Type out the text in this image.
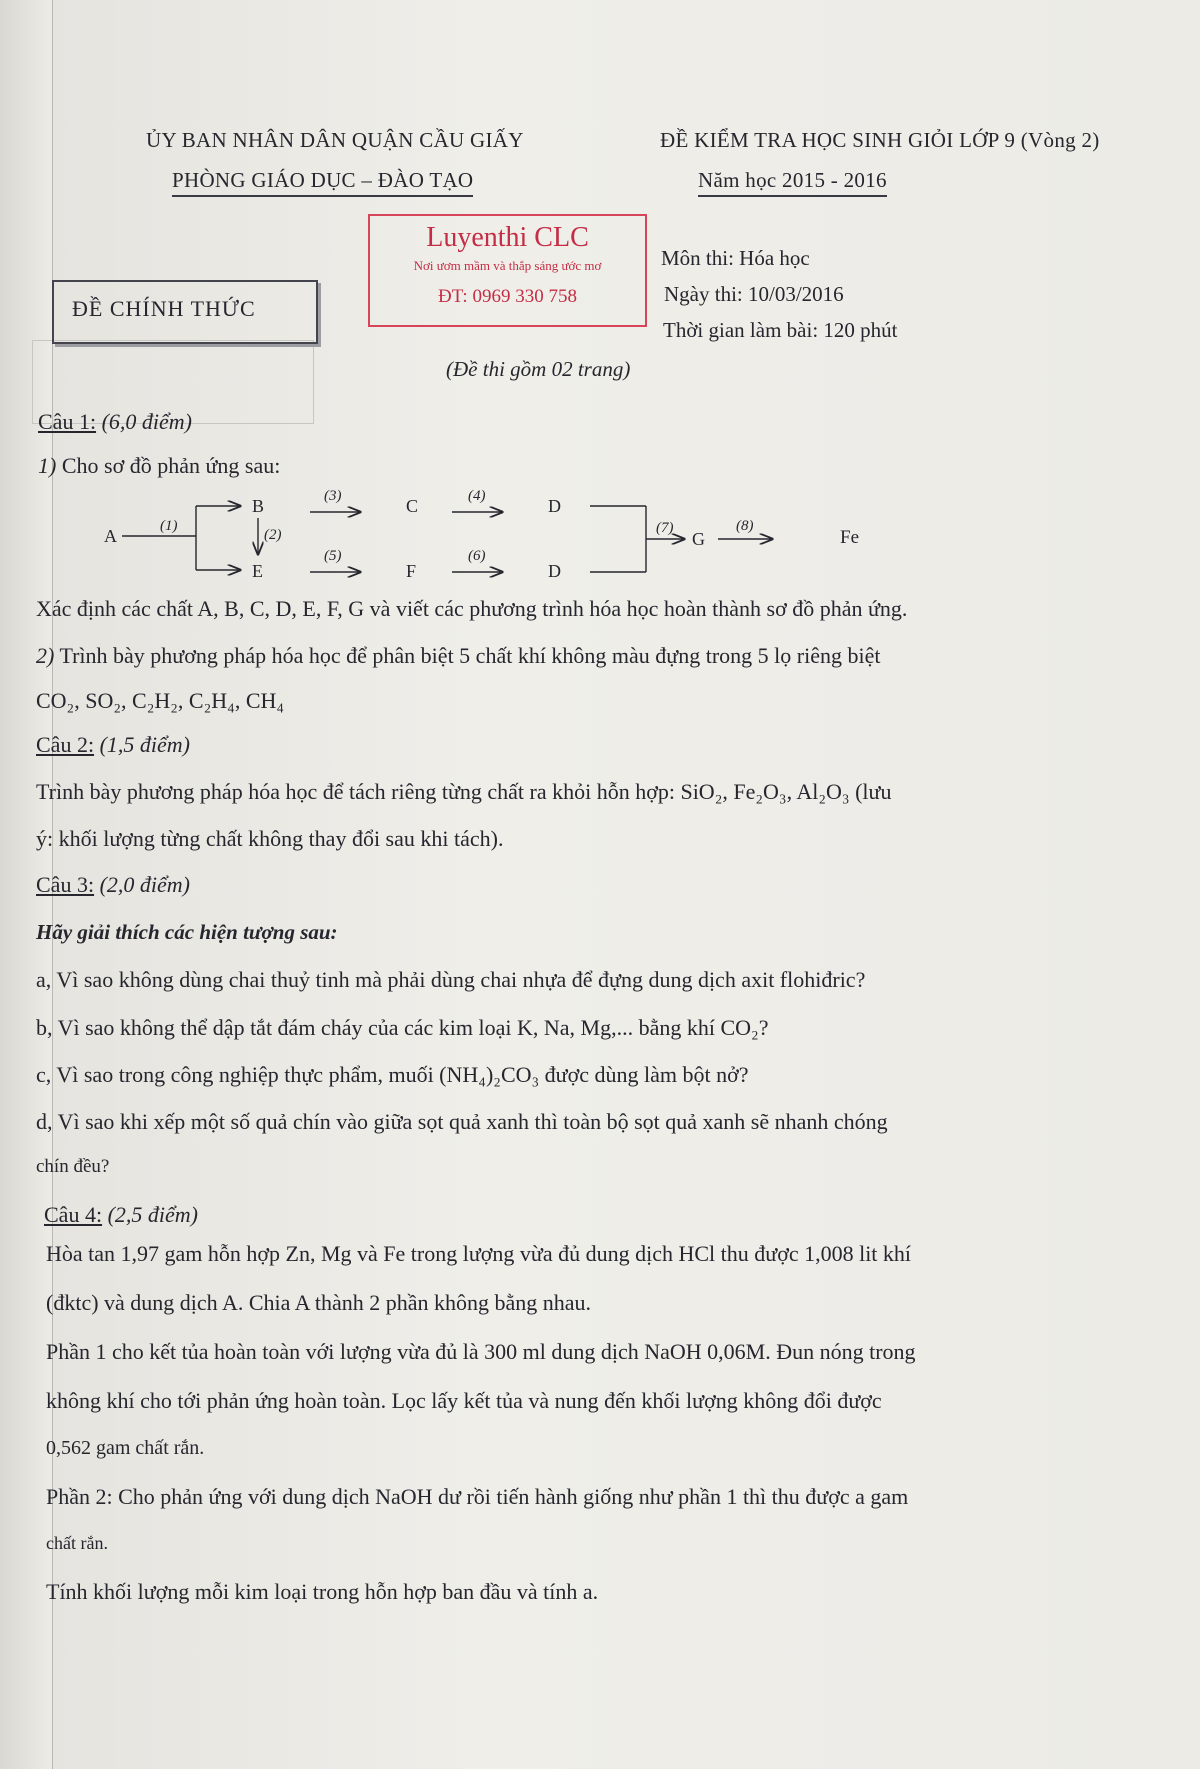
ỦY BAN NHÂN DÂN QUẬN CẦU GIẤY	ĐỀ KIỂM TRA HỌC SINH GIỎI LỚP 9 (Vòng 2)
PHÒNG GIÁO DỤC – ĐÀO TẠO	Năm học 2015 - 2016
Luyenthi CLC
Nơi ươm mầm và thắp sáng ước mơ
ĐT: 0969 330 758
ĐỀ CHÍNH THỨC
Môn thi: Hóa học
Ngày thi: 10/03/2016
Thời gian làm bài: 120 phút
(Đề thi gồm 02 trang)
Câu 1: (6,0 điểm)
1) Cho sơ đồ phản ứng sau:
A	(1)
B
(2)
(3)	C	(4)	D
E
(5)
F
(6)
D
(7)
G
(8)
Fe
Xác định các chất A, B, C, D, E, F, G và viết các phương trình hóa học hoàn thành sơ đồ phản ứng.
2) Trình bày phương pháp hóa học để phân biệt 5 chất khí không màu đựng trong 5 lọ riêng biệt
CO₂, SO₂, C₂H₂, C₂H₄, CH₄
Câu 2: (1,5 điểm)
Trình bày phương pháp hóa học để tách riêng từng chất ra khỏi hỗn hợp: SiO₂, Fe₂O₃, Al₂O₃ (lưu
ý: khối lượng từng chất không thay đổi sau khi tách).
Câu 3: (2,0 điểm)
Hãy giải thích các hiện tượng sau:
a, Vì sao không dùng chai thuỷ tinh mà phải dùng chai nhựa để đựng dung dịch axit flohiđric?
b, Vì sao không thể dập tắt đám cháy của các kim loại K, Na, Mg,... bằng khí CO₂?
c, Vì sao trong công nghiệp thực phẩm, muối (NH₄)₂CO₃ được dùng làm bột nở?
d, Vì sao khi xếp một số quả chín vào giữa sọt quả xanh thì toàn bộ sọt quả xanh sẽ nhanh chóng
chín đều?
Câu 4: (2,5 điểm)
Hòa tan 1,97 gam hỗn hợp Zn, Mg và Fe trong lượng vừa đủ dung dịch HCl thu được 1,008 lit khí
(đktc) và dung dịch A. Chia A thành 2 phần không bằng nhau.
Phần 1 cho kết tủa hoàn toàn với lượng vừa đủ là 300 ml dung dịch NaOH 0,06M. Đun nóng trong
không khí cho tới phản ứng hoàn toàn. Lọc lấy kết tủa và nung đến khối lượng không đổi được
0,562 gam chất rắn.
Phần 2: Cho phản ứng với dung dịch NaOH dư rồi tiến hành giống như phần 1 thì thu được a gam
chất rắn.
Tính khối lượng mỗi kim loại trong hỗn hợp ban đầu và tính a.
